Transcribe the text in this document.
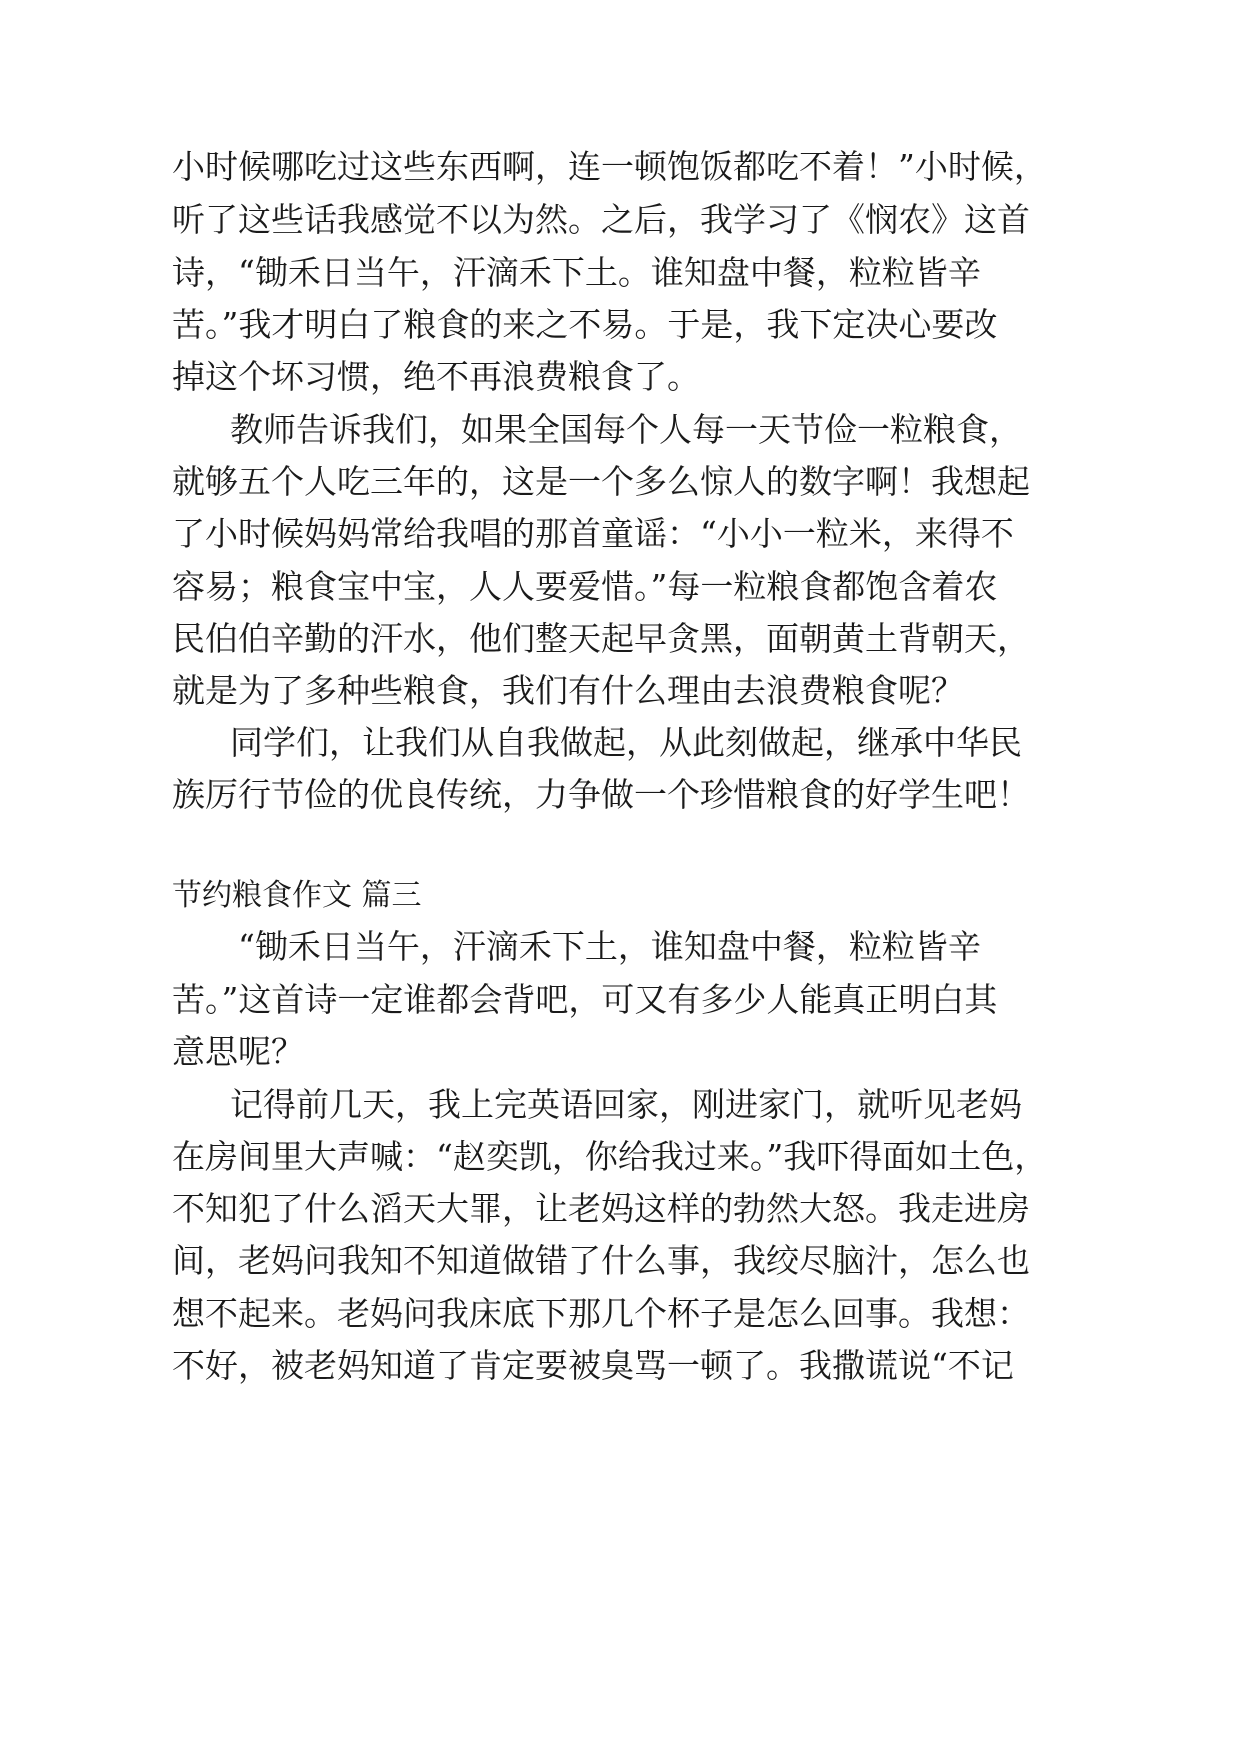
小时候哪吃过这些东西啊，连一顿饱饭都吃不着！”小时候，
听了这些话我感觉不以为然。之后，我学习了《悯农》这首
诗，“锄禾日当午，汗滴禾下土。谁知盘中餐，粒粒皆辛
苦。”我才明白了粮食的来之不易。于是，我下定决心要改
掉这个坏习惯，绝不再浪费粮食了。
教师告诉我们，如果全国每个人每一天节俭一粒粮食，
就够五个人吃三年的，这是一个多么惊人的数字啊！我想起
了小时候妈妈常给我唱的那首童谣：“小小一粒米，来得不
容易；粮食宝中宝，人人要爱惜。”每一粒粮食都饱含着农
民伯伯辛勤的汗水，他们整天起早贪黑，面朝黄土背朝天，
就是为了多种些粮食，我们有什么理由去浪费粮食呢？
同学们，让我们从自我做起，从此刻做起，继承中华民
族厉行节俭的优良传统，力争做一个珍惜粮食的好学生吧！
节约粮食作文 篇三
“锄禾日当午，汗滴禾下土，谁知盘中餐，粒粒皆辛
苦。”这首诗一定谁都会背吧，可又有多少人能真正明白其
意思呢？
记得前几天，我上完英语回家，刚进家门，就听见老妈
在房间里大声喊：“赵奕凯，你给我过来。”我吓得面如土色，
不知犯了什么滔天大罪，让老妈这样的勃然大怒。我走进房
间，老妈问我知不知道做错了什么事，我绞尽脑汁，怎么也
想不起来。老妈问我床底下那几个杯子是怎么回事。我想：
不好，被老妈知道了肯定要被臭骂一顿了。我撒谎说“不记
